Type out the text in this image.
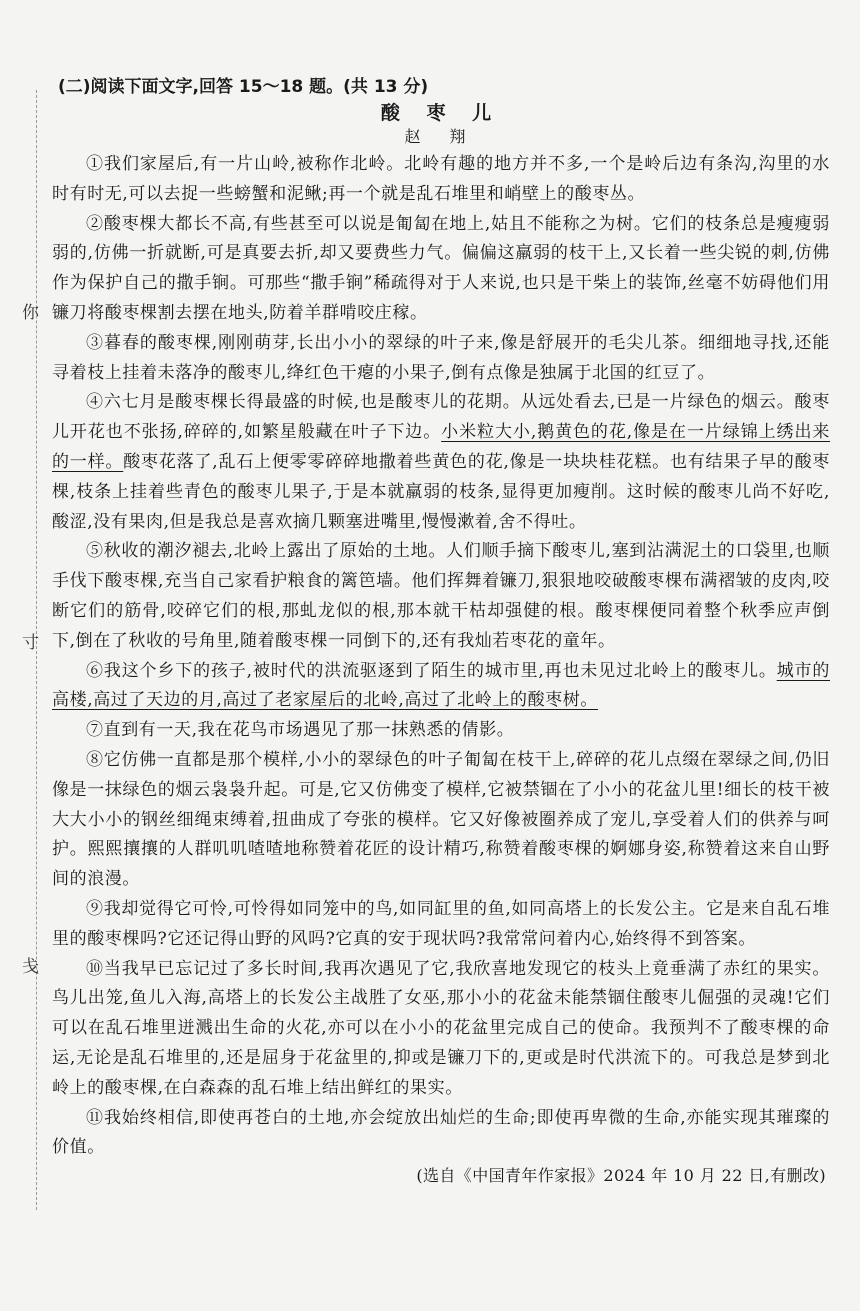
你
寸
戋
(二)阅读下面文字,回答 15～18 题。(共 13 分)
酸 枣 儿
赵 翔

①我们家屋后,有一片山岭,被称作北岭。北岭有趣的地方并不多,一个是岭后边有条沟,沟里的水时有时无,可以去捉一些螃蟹和泥鳅;再一个就是乱石堆里和峭壁上的酸枣丛。

②酸枣棵大都长不高,有些甚至可以说是匍匐在地上,姑且不能称之为树。它们的枝条总是瘦瘦弱弱的,仿佛一折就断,可是真要去折,却又要费些力气。偏偏这羸弱的枝干上,又长着一些尖锐的刺,仿佛作为保护自己的撒手锏。可那些“撒手锏”稀疏得对于人来说,也只是干柴上的装饰,丝毫不妨碍他们用镰刀将酸枣棵割去摆在地头,防着羊群啃咬庄稼。

③暮春的酸枣棵,刚刚萌芽,长出小小的翠绿的叶子来,像是舒展开的毛尖儿茶。细细地寻找,还能寻着枝上挂着未落净的酸枣儿,绛红色干瘪的小果子,倒有点像是独属于北国的红豆了。

④六七月是酸枣棵长得最盛的时候,也是酸枣儿的花期。从远处看去,已是一片绿色的烟云。酸枣儿开花也不张扬,碎碎的,如繁星般藏在叶子下边。小米粒大小,鹅黄色的花,像是在一片绿锦上绣出来的一样。酸枣花落了,乱石上便零零碎碎地撒着些黄色的花,像是一块块桂花糕。也有结果子早的酸枣棵,枝条上挂着些青色的酸枣儿果子,于是本就羸弱的枝条,显得更加瘦削。这时候的酸枣儿尚不好吃,酸涩,没有果肉,但是我总是喜欢摘几颗塞进嘴里,慢慢漱着,舍不得吐。

⑤秋收的潮汐褪去,北岭上露出了原始的土地。人们顺手摘下酸枣儿,塞到沾满泥土的口袋里,也顺手伐下酸枣棵,充当自己家看护粮食的篱笆墙。他们挥舞着镰刀,狠狠地咬破酸枣棵布满褶皱的皮肉,咬断它们的筋骨,咬碎它们的根,那虬龙似的根,那本就干枯却强健的根。酸枣棵便同着整个秋季应声倒下,倒在了秋收的号角里,随着酸枣棵一同倒下的,还有我灿若枣花的童年。

⑥我这个乡下的孩子,被时代的洪流驱逐到了陌生的城市里,再也未见过北岭上的酸枣儿。城市的高楼,高过了天边的月,高过了老家屋后的北岭,高过了北岭上的酸枣树。

⑦直到有一天,我在花鸟市场遇见了那一抹熟悉的倩影。

⑧它仿佛一直都是那个模样,小小的翠绿色的叶子匍匐在枝干上,碎碎的花儿点缀在翠绿之间,仍旧像是一抹绿色的烟云袅袅升起。可是,它又仿佛变了模样,它被禁锢在了小小的花盆儿里!细长的枝干被大大小小的钢丝细绳束缚着,扭曲成了夸张的模样。它又好像被圈养成了宠儿,享受着人们的供养与呵护。熙熙攘攘的人群叽叽喳喳地称赞着花匠的设计精巧,称赞着酸枣棵的婀娜身姿,称赞着这来自山野间的浪漫。

⑨我却觉得它可怜,可怜得如同笼中的鸟,如同缸里的鱼,如同高塔上的长发公主。它是来自乱石堆里的酸枣棵吗?它还记得山野的风吗?它真的安于现状吗?我常常问着内心,始终得不到答案。

⑩当我早已忘记过了多长时间,我再次遇见了它,我欣喜地发现它的枝头上竟垂满了赤红的果实。鸟儿出笼,鱼儿入海,高塔上的长发公主战胜了女巫,那小小的花盆未能禁锢住酸枣儿倔强的灵魂!它们可以在乱石堆里迸溅出生命的火花,亦可以在小小的花盆里完成自己的使命。我预判不了酸枣棵的命运,无论是乱石堆里的,还是屈身于花盆里的,抑或是镰刀下的,更或是时代洪流下的。可我总是梦到北岭上的酸枣棵,在白森森的乱石堆上结出鲜红的果实。

⑪我始终相信,即使再苍白的土地,亦会绽放出灿烂的生命;即使再卑微的生命,亦能实现其璀璨的价值。

(选自《中国青年作家报》2024 年 10 月 22 日,有删改)
